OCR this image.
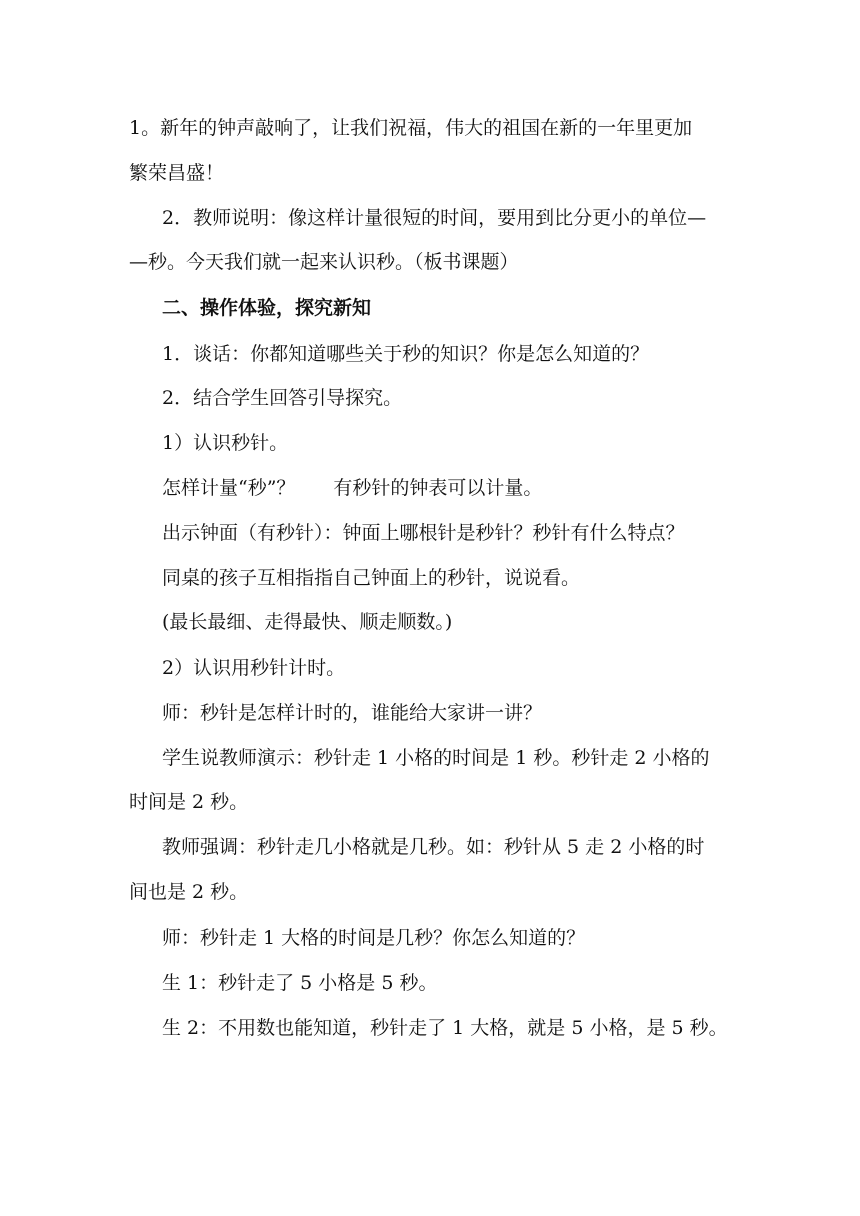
1。新年的钟声敲响了，让我们祝福，伟大的祖国在新的一年里更加
繁荣昌盛！
2．教师说明：像这样计量很短的时间，要用到比分更小的单位—
—秒。今天我们就一起来认识秒。（板书课题）
二、操作体验，探究新知
1．谈话：你都知道哪些关于秒的知识？你是怎么知道的？
2．结合学生回答引导探究。
1）认识秒针。
怎样计量“秒”？　　有秒针的钟表可以计量。
出示钟面（有秒针）：钟面上哪根针是秒针？秒针有什么特点？
同桌的孩子互相指指自己钟面上的秒针，说说看。
(最长最细、走得最快、顺走顺数。)
2）认识用秒针计时。
师：秒针是怎样计时的，谁能给大家讲一讲？
学生说教师演示：秒针走 1 小格的时间是 1 秒。秒针走 2 小格的
时间是 2 秒。
教师强调：秒针走几小格就是几秒。如：秒针从 5 走 2 小格的时
间也是 2 秒。
师：秒针走 1 大格的时间是几秒？你怎么知道的？
生 1：秒针走了 5 小格是 5 秒。
生 2：不用数也能知道，秒针走了 1 大格，就是 5 小格，是 5 秒。
